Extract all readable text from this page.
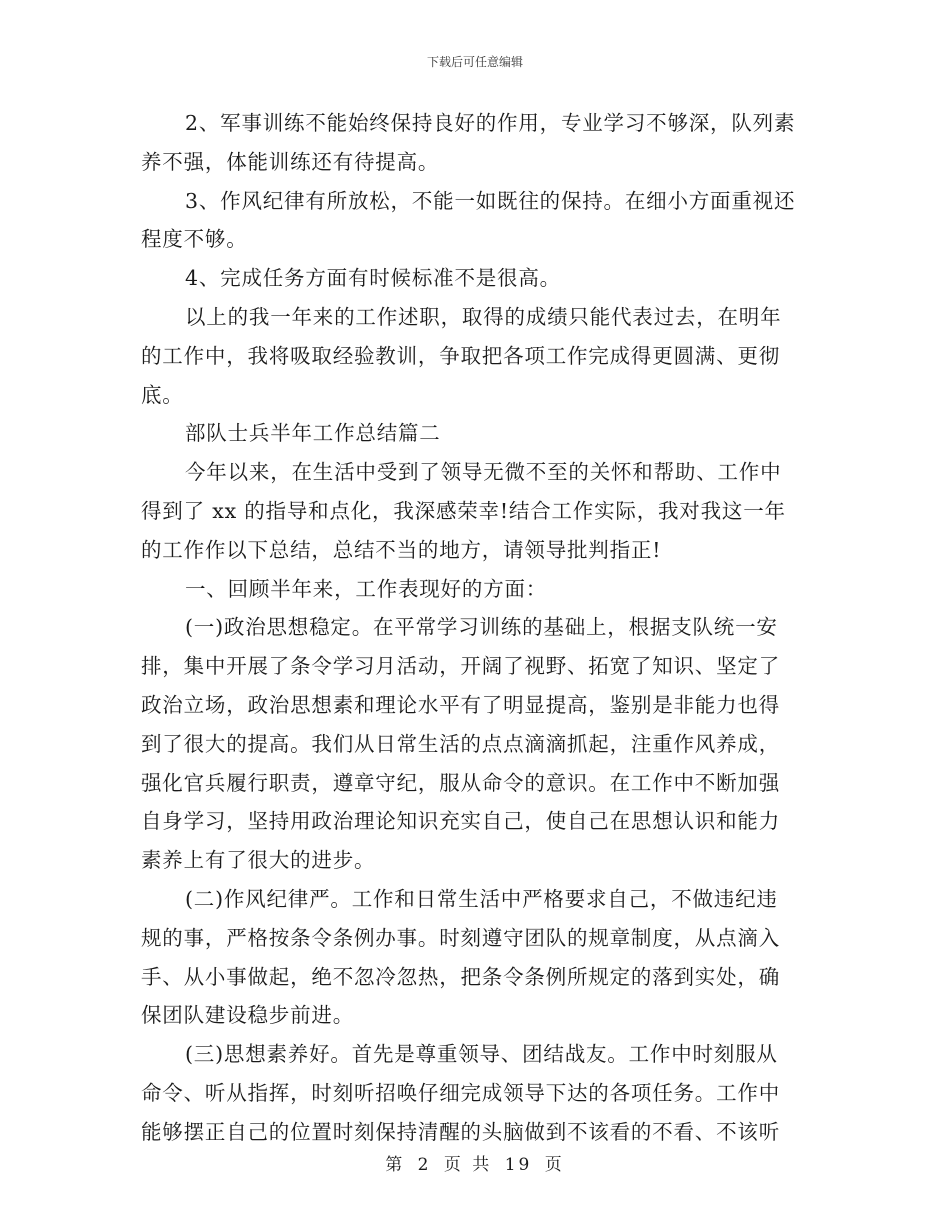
下载后可任意编辑
2、军事训练不能始终保持良好的作用，专业学习不够深，队列素
养不强，体能训练还有待提高。
3、作风纪律有所放松，不能一如既往的保持。在细小方面重视还
程度不够。
4、完成任务方面有时候标准不是很高。
以上的我一年来的工作述职，取得的成绩只能代表过去，在明年
的工作中，我将吸取经验教训，争取把各项工作完成得更圆满、更彻
底。
部队士兵半年工作总结篇二
今年以来，在生活中受到了领导无微不至的关怀和帮助、工作中
得到了 xx 的指导和点化，我深感荣幸!结合工作实际，我对我这一年
的工作作以下总结，总结不当的地方，请领导批判指正!
一、回顾半年来，工作表现好的方面：
(一)政治思想稳定。在平常学习训练的基础上，根据支队统一安
排，集中开展了条令学习月活动，开阔了视野、拓宽了知识、坚定了
政治立场，政治思想素和理论水平有了明显提高，鉴别是非能力也得
到了很大的提高。我们从日常生活的点点滴滴抓起，注重作风养成，
强化官兵履行职责，遵章守纪，服从命令的意识。在工作中不断加强
自身学习，坚持用政治理论知识充实自己，使自己在思想认识和能力
素养上有了很大的进步。
(二)作风纪律严。工作和日常生活中严格要求自己，不做违纪违
规的事，严格按条令条例办事。时刻遵守团队的规章制度，从点滴入
手、从小事做起，绝不忽冷忽热，把条令条例所规定的落到实处，确
保团队建设稳步前进。
(三)思想素养好。首先是尊重领导、团结战友。工作中时刻服从
命令、听从指挥，时刻听招唤仔细完成领导下达的各项任务。工作中
能够摆正自己的位置时刻保持清醒的头脑做到不该看的不看、不该听
第 2 页 共 19 页
